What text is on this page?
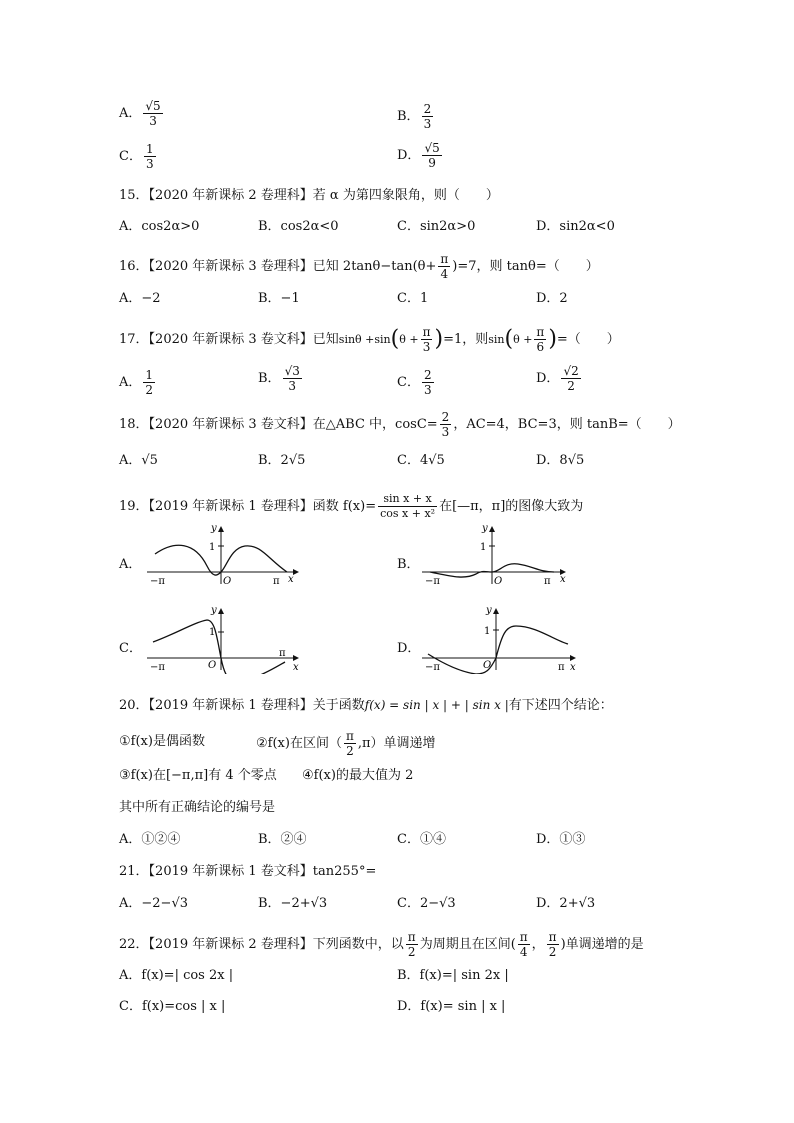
A． $\frac{√5}{3}$	B． $\frac{2}{3}$
C． $\frac{1}{3}$	D． $\frac{√5}{9}$
15．【2020 年新课标 2 卷理科】若 α 为第四象限角，则（　　）
A．cos2α>0	B．cos2α<0	C．sin2α>0	D．sin2α<0
16．【2020 年新课标 3 卷理科】已知 $2\tan\theta-\tan(\theta+ \frac{\pi}{4} )=7$，则 tanθ=（　　）
A．−2	B．−1	C．1	D．2
17．【2020 年新课标 3 卷文科】已知$\sin\theta +\sin(\theta + \frac{\pi}{3} )=1$，则$\sin(\theta + \frac{\pi}{6}$ )=（　　）
A． $\frac{1}{2}$	B． $\frac{√3}{3}$	C． $\frac{2}{3}$	D． $\frac{√2}{2}$
18．【2020 年新课标 3 卷文科】在△ABC 中，$\cos C= \frac{2}{3}$ ，AC=4，BC=3，则 tanB=（　　）
A．√5	B．2√5	C．4√5	D．8√5
19．【2019 年新课标 1 卷理科】函数 $f(x)= \frac{\text{sin x + x}}{\text{cos x + x²}}$ 在[—π，π]的图像大致为
A．	B．
C．	D．
y
1
O
−π	π x
y
1
O
−π	π x
y
1
O
−π
π
x
y
1
O
−π	π x
20．【2019 年新课标 1 卷理科】关于函数f(x) = sin | x | + | sin x |有下述四个结论：
①f(x)是偶函数	②f(x)在区间（ $\frac{\pi}{2} ,\pi$）单调递增
③f(x)在[−π,π]有 4 个零点 ④f(x)的最大值为 2
其中所有正确结论的编号是
A．①②④	B．②④	C．①④	D．①③
21．【2019 年新课标 1 卷文科】tan255°=
A．−2−√3	B．−2+√3	C．2−√3	D．2+√3
22．【2019 年新课标 2 卷理科】下列函数中，以 $\frac{\pi}{2}$ 为周期且在区间( $\frac{\pi}{4}$ ， $\frac{\pi}{2}$ )单调递增的是
A．f(x)=| cos 2x |	B．f(x)=| sin 2x |
C．f(x)=cos | x |	D．f(x)= sin | x |
